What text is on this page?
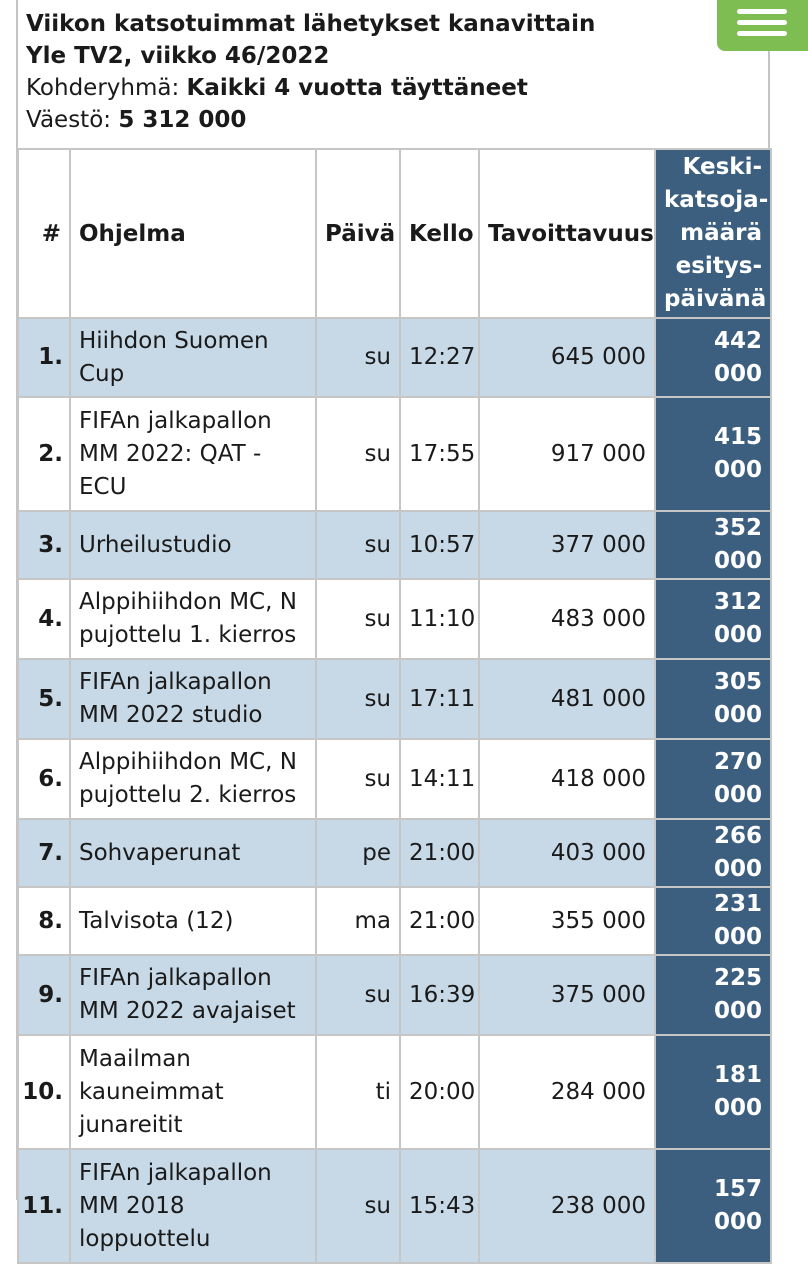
Viikon katsotuimmat lähetykset kanavittain
Yle TV2, viikko 46/2022
Kohderyhmä: Kaikki 4 vuotta täyttäneet
Väestö: 5 312 000
#	Ohjelma	Päivä	Kello	Tavoittavuus	Keski-
katsoja-
määrä
esitys-
päivänä

1.	Hiihdon Suomen
Cup	su	12:27	645 000	442 000
2.	FIFAn jalkapallon
MM 2022: QAT -
ECU	su	17:55	917 000	415 000
3.	Urheilustudio	su	10:57	377 000	352 000
4.	Alppihiihdon MC, N
pujottelu 1. kierros	su	11:10	483 000	312 000
5.	FIFAn jalkapallon
MM 2022 studio	su	17:11	481 000	305 000
6.	Alppihiihdon MC, N
pujottelu 2. kierros	su	14:11	418 000	270 000
7.	Sohvaperunat	pe	21:00	403 000	266 000
8.	Talvisota (12)	ma	21:00	355 000	231 000
9.	FIFAn jalkapallon
MM 2022 avajaiset	su	16:39	375 000	225 000
10.	Maailman
kauneimmat
junareitit	ti	20:00	284 000	181 000
11.	FIFAn jalkapallon
MM 2018
loppuottelu	su	15:43	238 000	157 000
